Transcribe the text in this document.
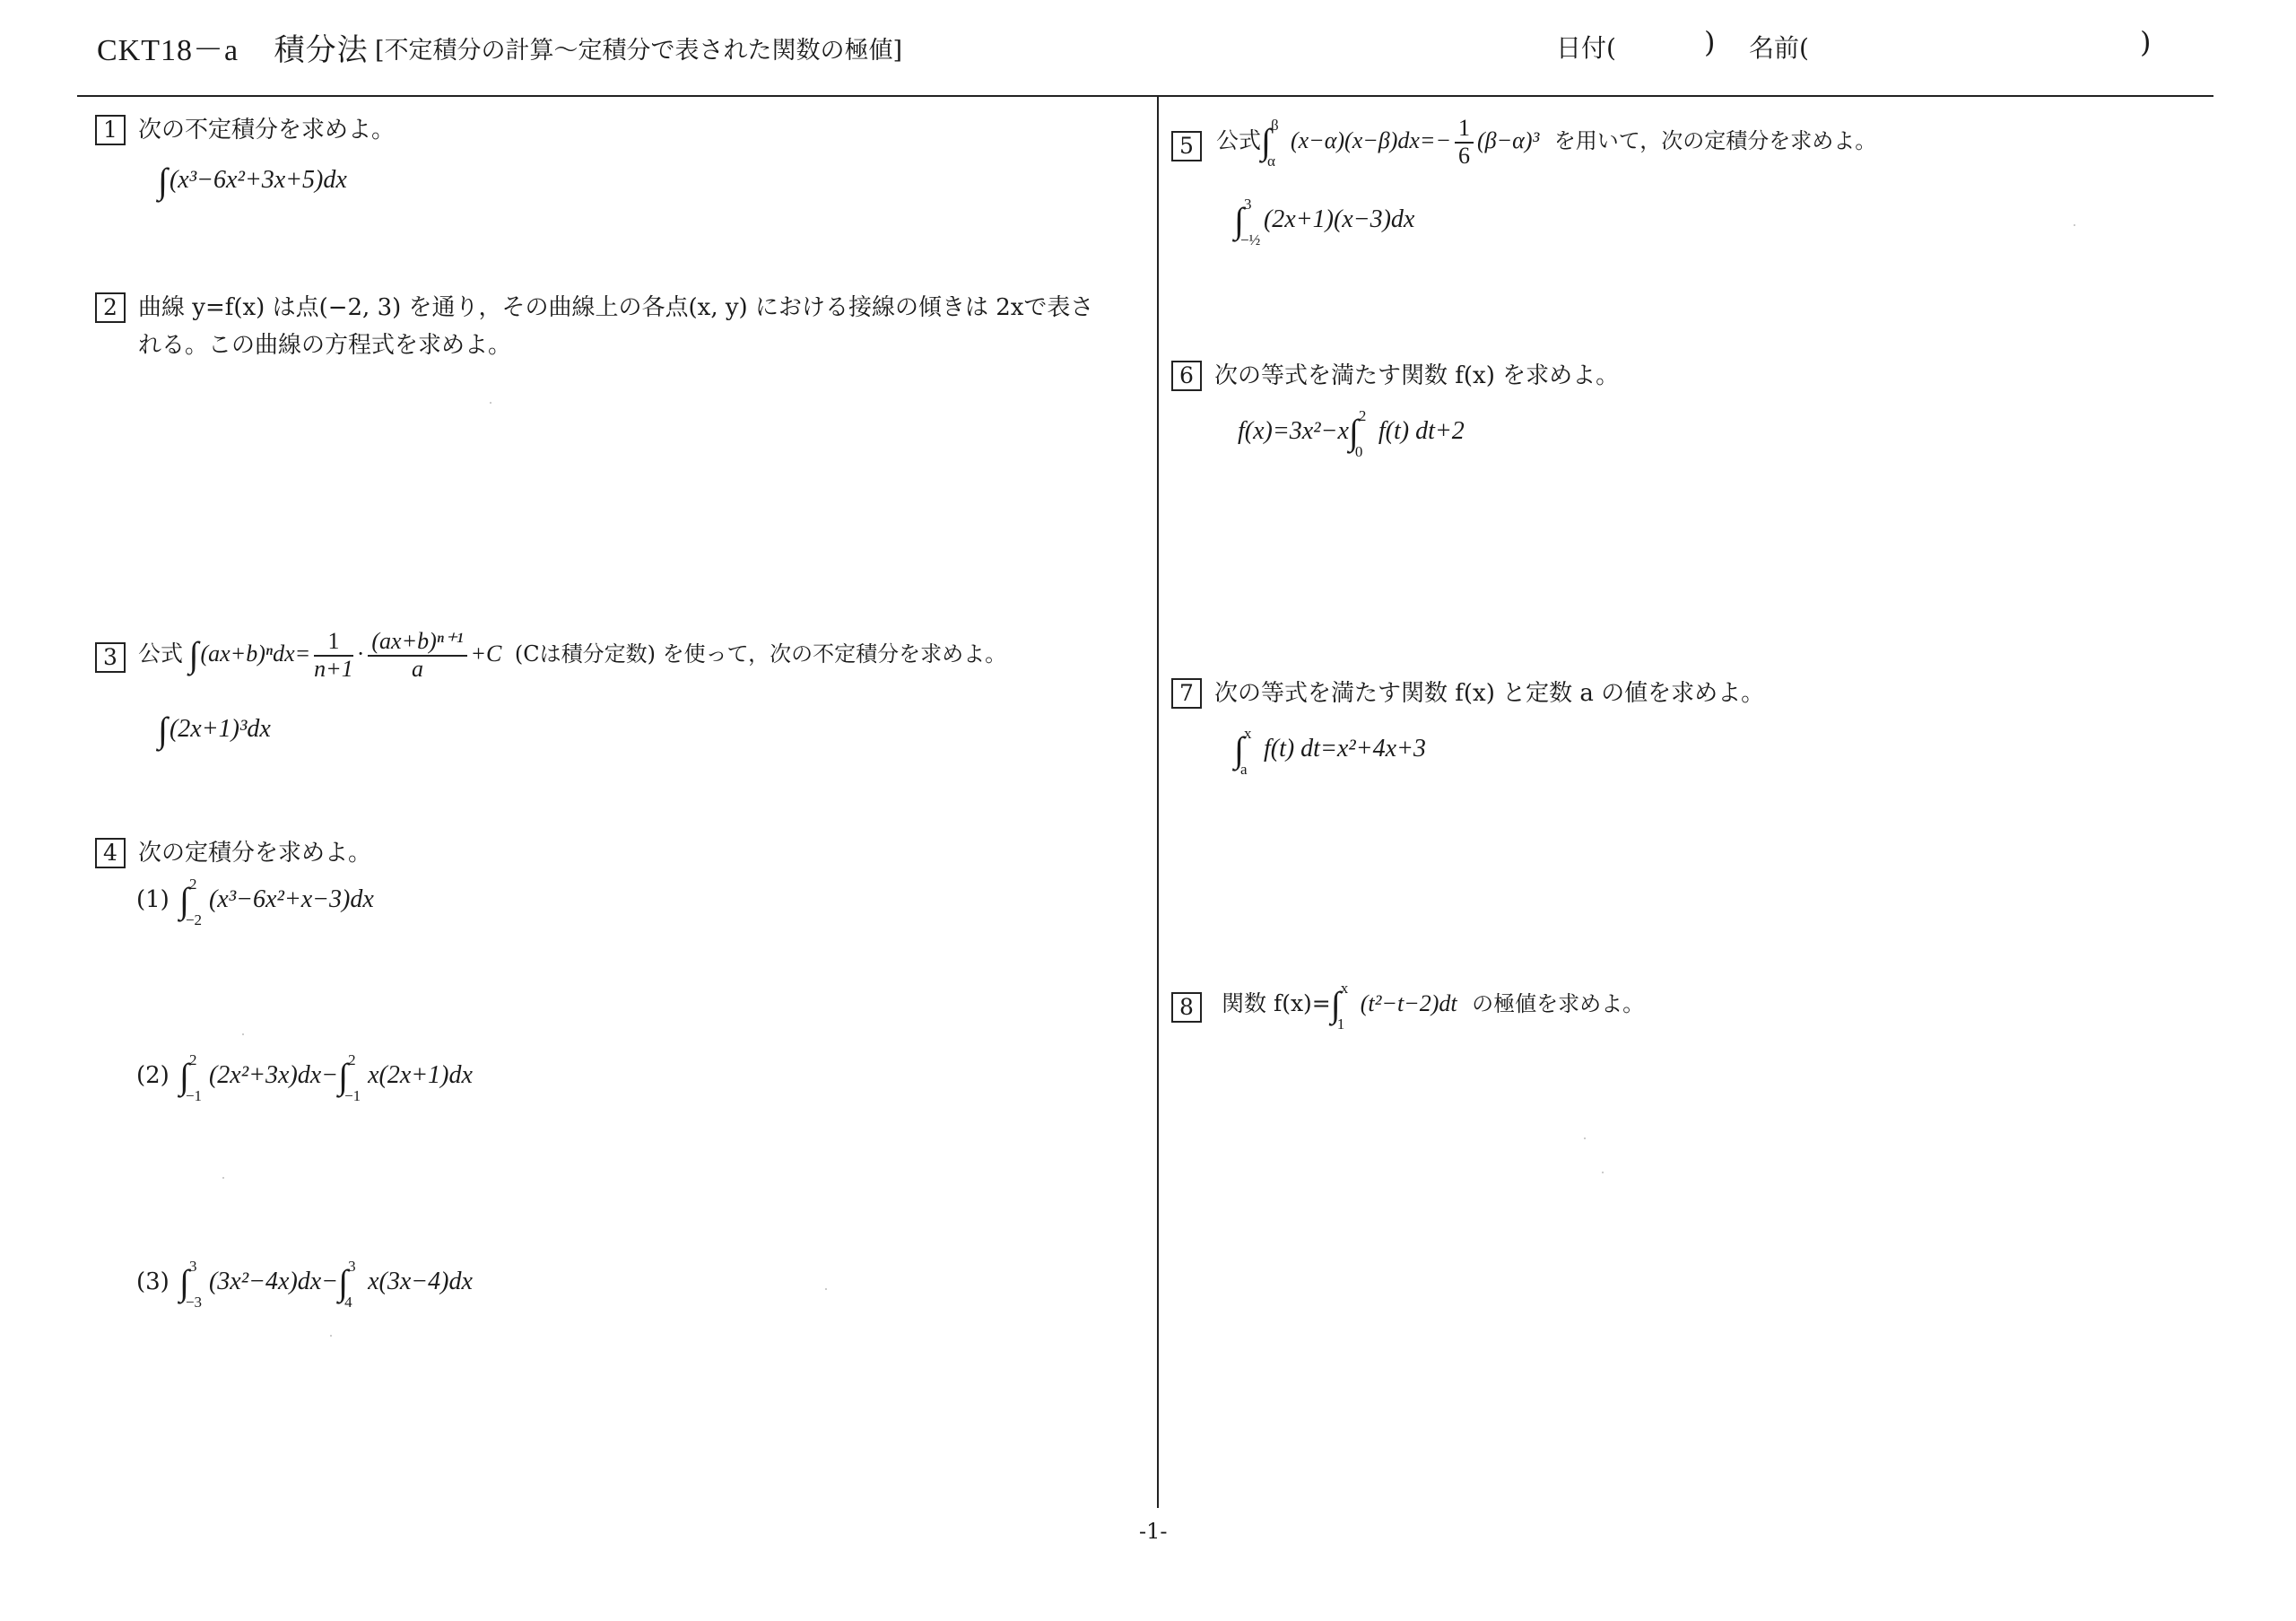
CKT18－a 積分法 [不定積分の計算～定積分で表された関数の極値]	日付(	) 名前(	)
1 次の不定積分を求めよ。
∫(x³−6x²+3x+5)dx
2 曲線 y=f(x) は点(−2, 3) を通り，その曲線上の各点(x, y) における接線の傾きは 2xで表さ
れる。この曲線の方程式を求めよ。
3 公式 $\int(ax+b)^ndx= \frac{1}{n+1} \cdot \frac{\text{(ax+b)ⁿ⁺¹}}{a} +C$ (Cは積分定数) を使って，次の不定積分を求めよ。
∫(2x+1)³dx
4 次の定積分を求めよ。
(1) ∫ 2
−2
(x³−6x²+x−3)dx
(2) ∫ 2
−1
(2x²+3x)dx−∫ 2
−1
x(2x+1)dx
(3) ∫ 3
−3
(3x²−4x)dx−∫ 3
4
x(3x−4)dx
5	公式∫ β
α
$(x-\alpha)(x-\beta)dx=- \frac{1}{6} (\beta-\alpha)^3$ を用いて，次の定積分を求めよ。
∫ 3
−½
(2x+1)(x−3)dx
6 次の等式を満たす関数 f(x) を求めよ。
f(x)=3x²−x∫ 2
0
f(t) dt+2
7 次の等式を満たす関数 f(x) と定数 a の値を求めよ。
∫ x
a
f(t) dt=x²+4x+3
8	関数 f(x)=∫ x
1
(t²−t−2)dt の極値を求めよ。
-1-
